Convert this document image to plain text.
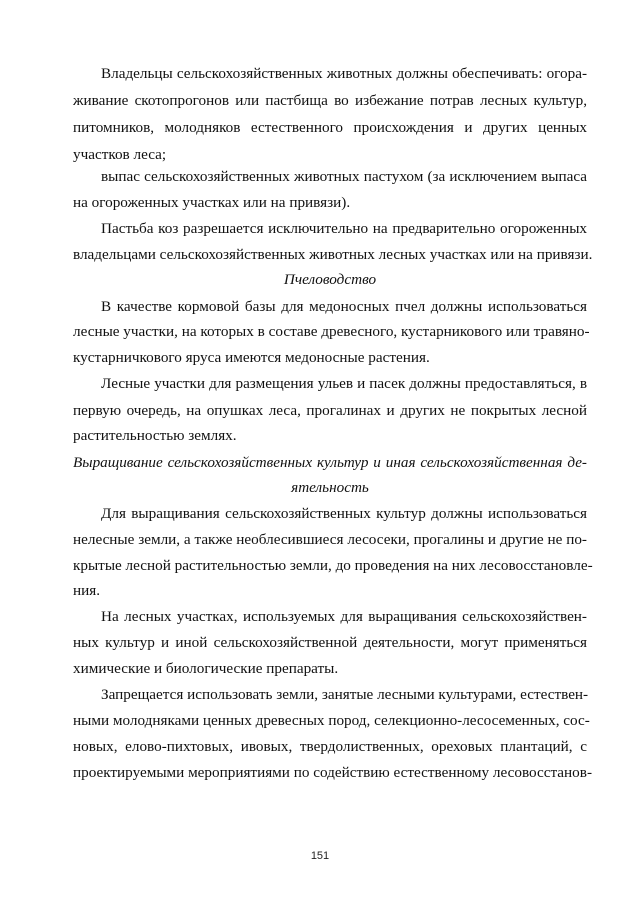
Владельцы сельскохозяйственных животных должны обеспечивать: огора-
живание скотопрогонов или пастбища во избежание потрав лесных культур,
питомников, молодняков естественного происхождения и других ценных
участков леса;
выпас сельскохозяйственных животных пастухом (за исключением выпаса
на огороженных участках или на привязи).
Пастьба коз разрешается исключительно на предварительно огороженных
владельцами сельскохозяйственных животных лесных участках или на привязи.
Пчеловодство
В качестве кормовой базы для медоносных пчел должны использоваться
лесные участки, на которых в составе древесного, кустарникового или травяно-
кустарничкового яруса имеются медоносные растения.
Лесные участки для размещения ульев и пасек должны предоставляться, в
первую очередь, на опушках леса, прогалинах и других не покрытых лесной
растительностью землях.
Выращивание сельскохозяйственных культур и иная сельскохозяйственная де-
ятельность
Для выращивания сельскохозяйственных культур должны использоваться
нелесные земли, а также необлесившиеся лесосеки, прогалины и другие не по-
крытые лесной растительностью земли, до проведения на них лесовосстановле-
ния.
На лесных участках, используемых для выращивания сельскохозяйствен-
ных культур и иной сельскохозяйственной деятельности, могут применяться
химические и биологические препараты.
Запрещается использовать земли, занятые лесными культурами, естествен-
ными молодняками ценных древесных пород, селекционно-лесосеменных, сос-
новых, елово-пихтовых, ивовых, твердолиственных, ореховых плантаций, с
проектируемыми мероприятиями по содействию естественному лесовосстанов-
151
